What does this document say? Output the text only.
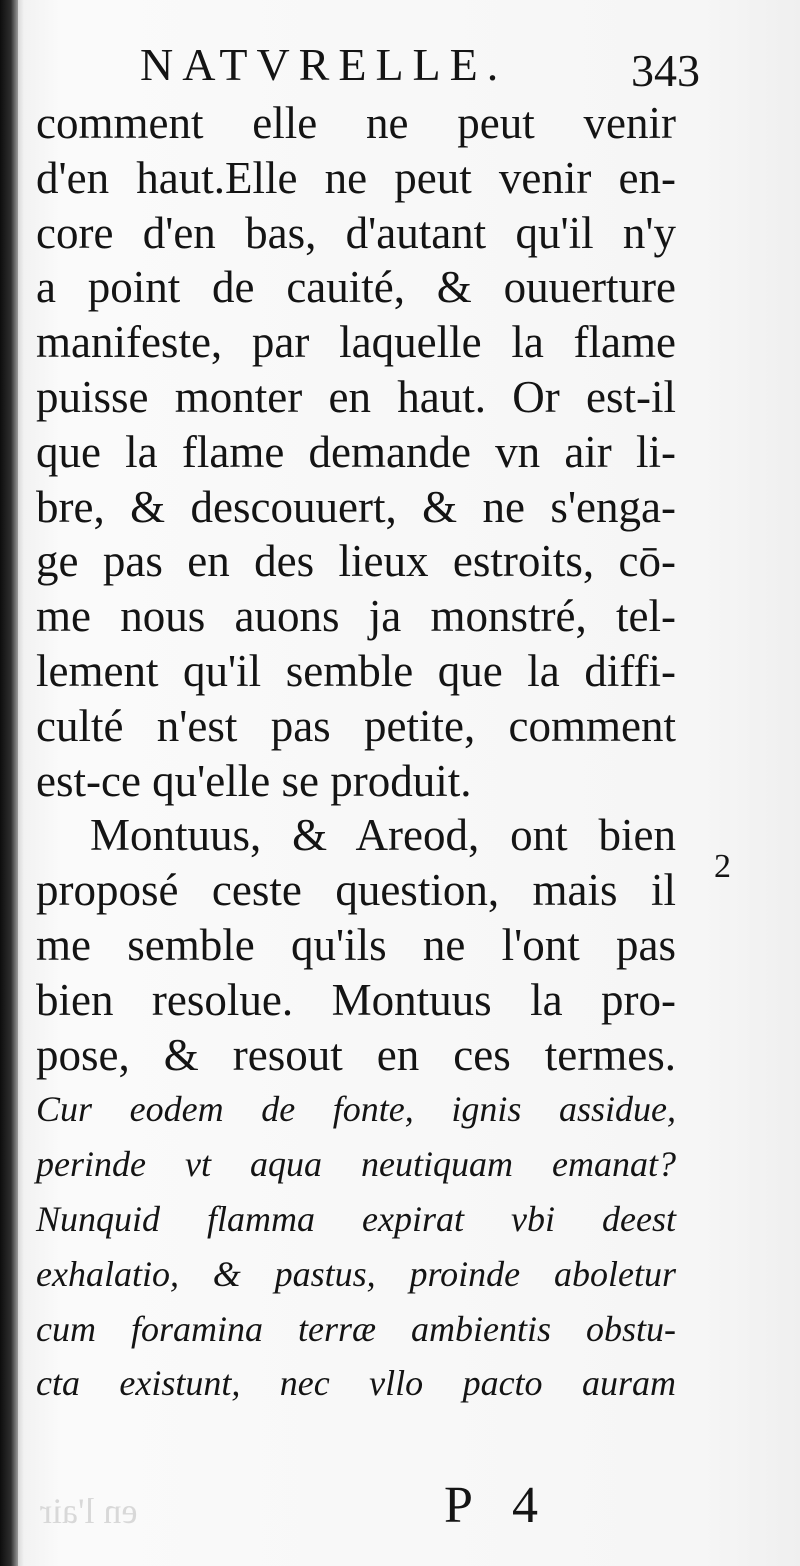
NATVRELLE.	343
comment elle ne peut venir
d'en haut.Elle ne peut venir en-
core d'en bas, d'autant qu'il n'y
a point de cauité, & ouuerture
manifeste, par laquelle la flame
puisse monter en haut. Or est-il
que la flame demande vn air li-
bre, & descouuert, & ne s'enga-
ge pas en des lieux estroits, cō-
me nous auons ja monstré, tel-
lement qu'il semble que la diffi-
culté n'est pas petite, comment
est-ce qu'elle se produit.
Montuus, & Areod, ont bien
proposé ceste question, mais il
me semble qu'ils ne l'ont pas
bien resolue. Montuus la pro-
pose, & resout en ces termes.
Cur eodem de fonte, ignis assidue,
perinde vt aqua neutiquam emanat?
Nunquid flamma expirat vbi deest
exhalatio, & pastus, proinde aboletur
cum foramina terræ ambientis obstu-
cta existunt, nec vllo pacto auram
2
en l'air	P 4
